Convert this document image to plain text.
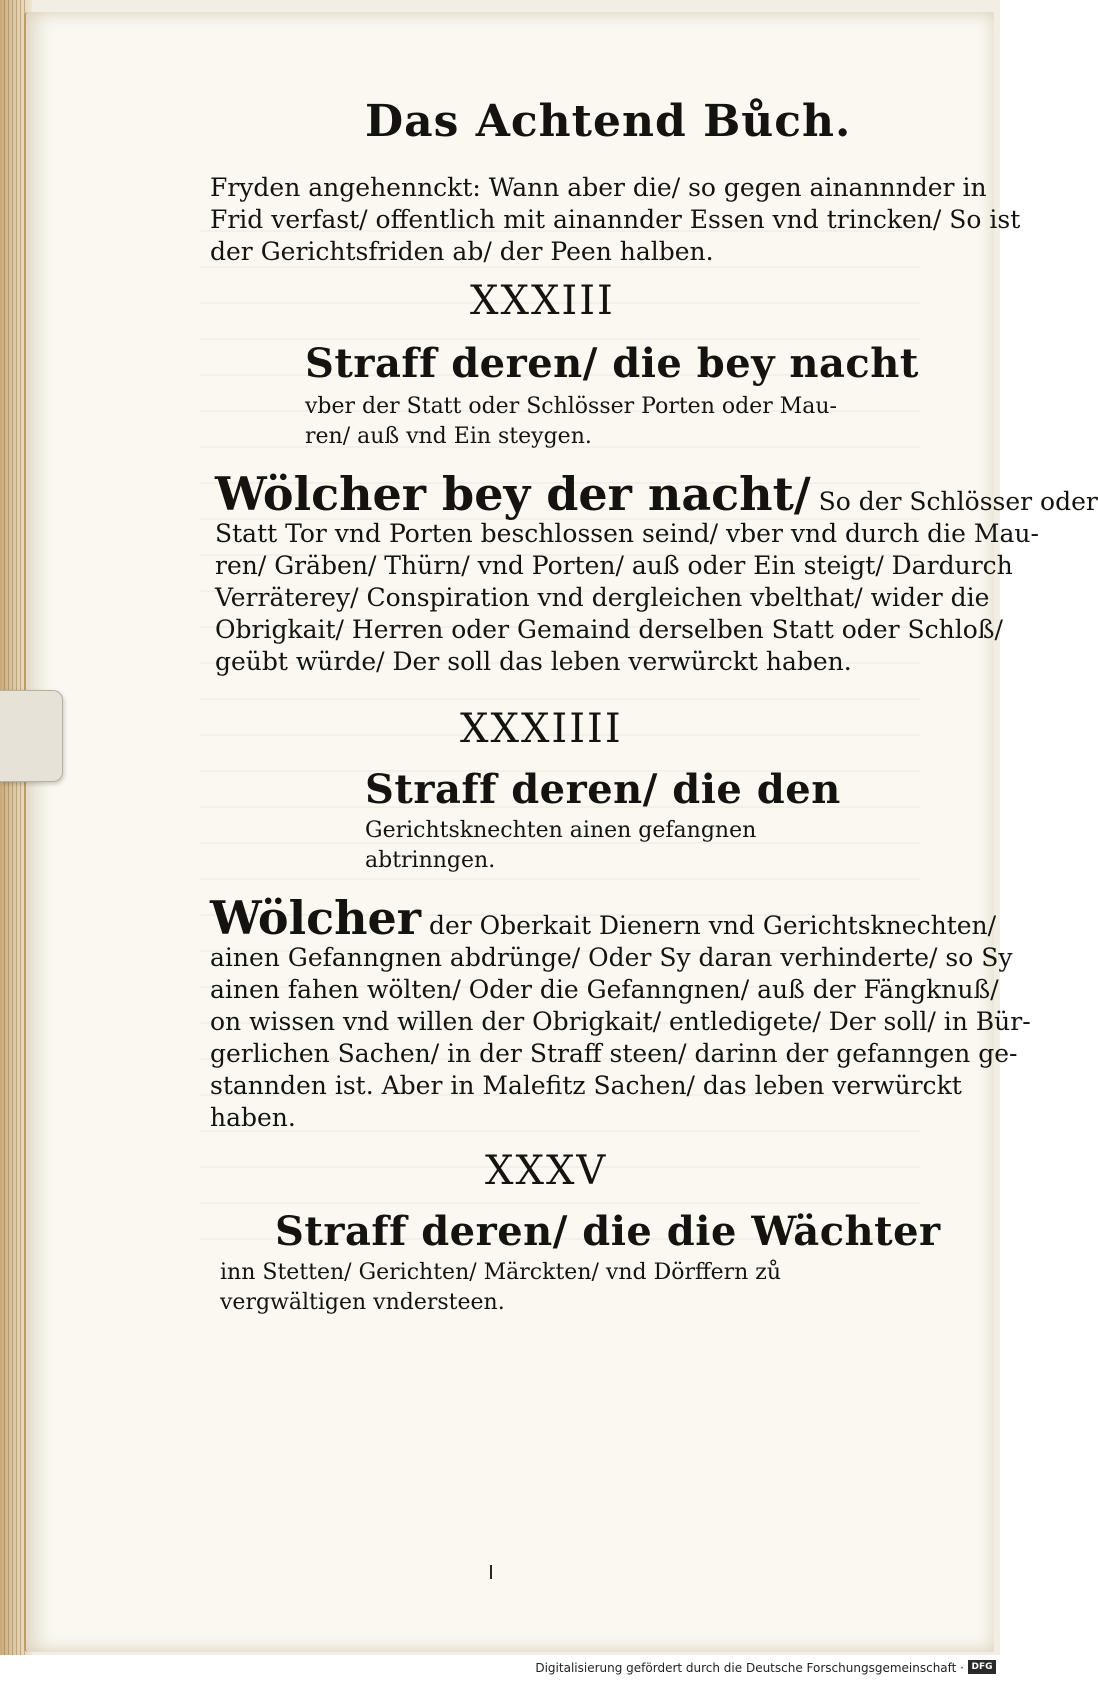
Das Achtend Bůch.
Fryden angehennckt: Wann aber die/ so gegen ainannnder in
Frid verfast/ offentlich mit ainannder Essen vnd trincken/ So ist
der Gerichtsfriden ab/ der Peen halben.
XXXIII
Straff deren/ die bey nacht
vber der Statt oder Schlösser Porten oder Mau-
ren/ auß vnd Ein steygen.
Wölcher bey der nacht/ So der Schlösser oder
Statt Tor vnd Porten beschlossen seind/ vber vnd durch die Mau-
ren/ Gräben/ Thürn/ vnd Porten/ auß oder Ein steigt/ Dardurch
Verräterey/ Conspiration vnd dergleichen vbelthat/ wider die
Obrigkait/ Herren oder Gemaind derselben Statt oder Schloß/
geübt würde/ Der soll das leben verwürckt haben.
XXXIIII
Straff deren/ die den
Gerichtsknechten ainen gefangnen
abtrinngen.
Wölcher der Oberkait Dienern vnd Gerichtsknechten/
ainen Gefanngnen abdrünge/ Oder Sy daran verhinderte/ so Sy
ainen fahen wölten/ Oder die Gefanngnen/ auß der Fängknuß/
on wissen vnd willen der Obrigkait/ entledigete/ Der soll/ in Bür-
gerlichen Sachen/ in der Straff steen/ darinn der gefanngen ge-
stannden ist. Aber in Malefitz Sachen/ das leben verwürckt
haben.
XXXV
Straff deren/ die die Wächter
inn Stetten/ Gerichten/ Märckten/ vnd Dörffern zů
vergwältigen vndersteen.
Digitalisierung gefördert durch die Deutsche Forschungsgemeinschaft · DFG
